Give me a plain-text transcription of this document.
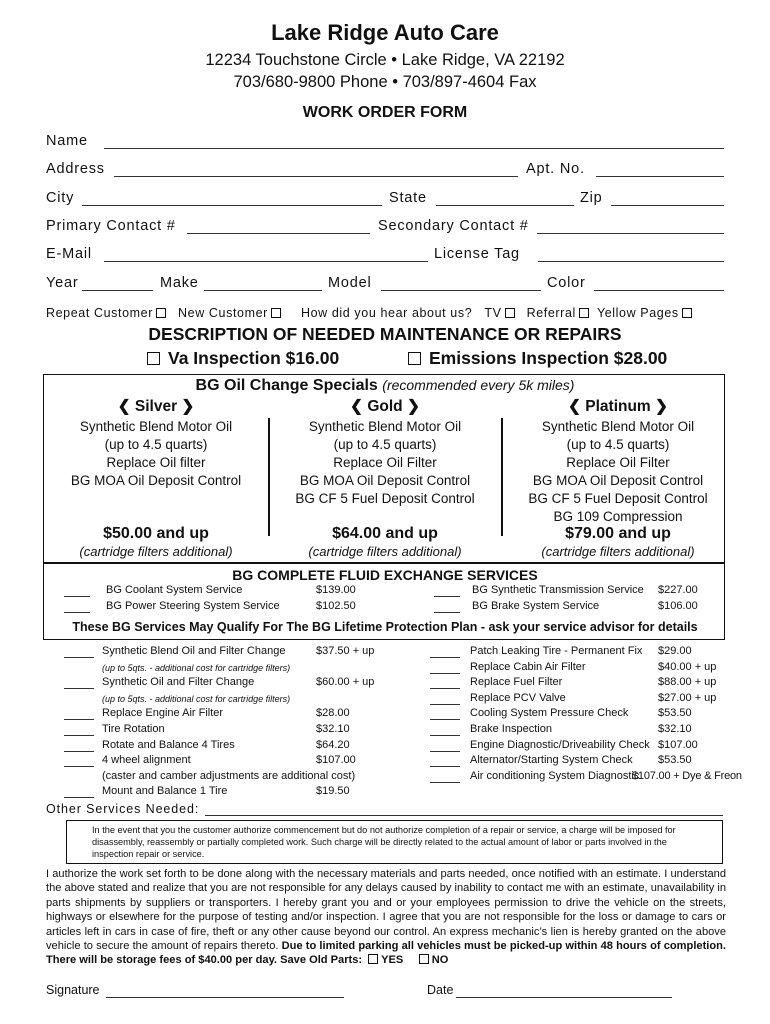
Lake Ridge Auto Care
12234 Touchstone Circle • Lake Ridge, VA 22192
703/680-9800 Phone • 703/897-4604 Fax
WORK ORDER FORM
Name
Address	Apt. No.
City	State	Zip
Primary Contact #	Secondary Contact #
E-Mail	License Tag
Year	Make	Model	Color
Repeat Customer New Customer	How did you hear about us? TV Referral Yellow Pages
DESCRIPTION OF NEEDED MAINTENANCE OR REPAIRS
Va Inspection $16.00	Emissions Inspection $28.00
BG Oil Change Specials (recommended every 5k miles)
❮ Silver ❯
Synthetic Blend Motor Oil
(up to 4.5 quarts)
Replace Oil filter
BG MOA Oil Deposit Control
$50.00 and up
(cartridge filters additional)
❮ Gold ❯
Synthetic Blend Motor Oil
(up to 4.5 quarts)
Replace Oil Filter
BG MOA Oil Deposit Control
BG CF 5 Fuel Deposit Control
$64.00 and up
(cartridge filters additional)
❮ Platinum ❯
Synthetic Blend Motor Oil
(up to 4.5 quarts)
Replace Oil Filter
BG MOA Oil Deposit Control
BG CF 5 Fuel Deposit Control
BG 109 Compression
$79.00 and up
(cartridge filters additional)
BG COMPLETE FLUID EXCHANGE SERVICES
BG Coolant System Service	$139.00
BG Power Steering System Service	$102.50
BG Synthetic Transmission Service $227.00
BG Brake System Service	$106.00
These BG Services May Qualify For The BG Lifetime Protection Plan - ask your service advisor for details
Synthetic Blend Oil and Filter Change	$37.50 + up
(up to 5qts. - additional cost for cartridge filters)
Synthetic Oil and Filter Change	$60.00 + up
(up to 5qts. - additional cost for cartridge filters)
Replace Engine Air Filter	$28.00
Tire Rotation	$32.10
Rotate and Balance 4 Tires	$64.20
4 wheel alignment	$107.00
(caster and camber adjustments are additional cost)
Mount and Balance 1 Tire	$19.50
Patch Leaking Tire - Permanent Fix $29.00
Replace Cabin Air Filter	$40.00 + up
Replace Fuel Filter	$88.00 + up
Replace PCV Valve	$27.00 + up
Cooling System Pressure Check	$53.50
Brake Inspection	$32.10
Engine Diagnostic/Driveability Check $107.00
Alternator/Starting System Check $53.50
Air conditioning System Diagnostic
$107.00 + Dye & Freon
Other Services Needed:
In the event that you the customer authorize commencement but do not authorize completion of a repair or service, a charge will be imposed for disassembly, reassembly or partially completed work. Such charge will be directly related to the actual amount of labor or parts involved in the inspection repair or service.
I authorize the work set forth to be done along with the necessary materials and parts needed, once notified with an estimate. I understand the above stated and realize that you are not responsible for any delays caused by inability to contact me with an estimate, unavailability in parts shipments by suppliers or transporters. I hereby grant you and or your employees permission to drive the vehicle on the streets, highways or elsewhere for the purpose of testing and/or inspection. I agree that you are not responsible for the loss or damage to cars or articles left in cars in case of fire, theft or any other cause beyond our control. An express mechanic’s lien is hereby granted on the above vehicle to secure the amount of repairs thereto. Due to limited parking all vehicles must be picked-up within 48 hours of completion. There will be storage fees of $40.00 per day. Save Old Parts: YES	NO
Signature	Date
